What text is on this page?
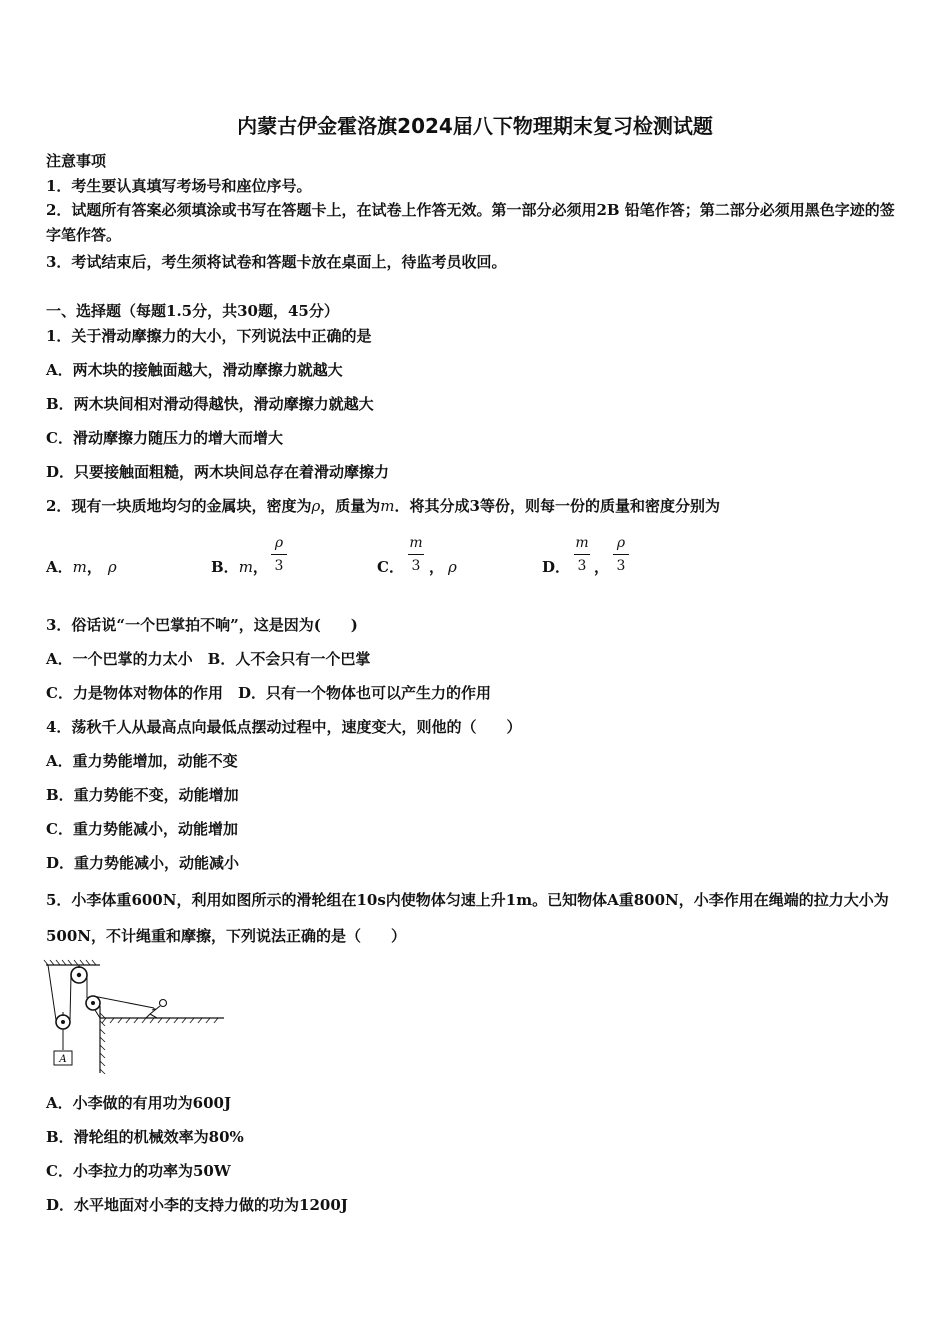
内蒙古伊金霍洛旗2024届八下物理期末复习检测试题
注意事项
1．考生要认真填写考场号和座位序号。
2．试题所有答案必须填涂或书写在答题卡上，在试卷上作答无效。第一部分必须用2B 铅笔作答；第二部分必须用黑色字迹的签字笔作答。
3．考试结束后，考生须将试卷和答题卡放在桌面上，待监考员收回。
一、选择题（每题1.5分，共30题，45分）
1．关于滑动摩擦力的大小，下列说法中正确的是
A．两木块的接触面越大，滑动摩擦力就越大
B．两木块间相对滑动得越快，滑动摩擦力就越大
C．滑动摩擦力随压力的增大而增大
D．只要接触面粗糙，两木块间总存在着滑动摩擦力
2．现有一块质地均匀的金属块，密度为ρ，质量为m．将其分成3等份，则每一份的质量和密度分别为
A．m， ρ	B．m，
ρ
3	C．
m
3 ， ρ	D．
m
3 ，
ρ
3
3．俗话说“一个巴掌拍不响”，这是因为(　　)
A．一个巴掌的力太小　B．人不会只有一个巴掌
C．力是物体对物体的作用　D．只有一个物体也可以产生力的作用
4．荡秋千人从最高点向最低点摆动过程中，速度变大，则他的（　　）
A．重力势能增加，动能不变
B．重力势能不变，动能增加
C．重力势能减小，动能增加
D．重力势能减小，动能减小
5．小李体重600N，利用如图所示的滑轮组在10s内使物体匀速上升1m。已知物体A重800N，小李作用在绳端的拉力大小为500N，不计绳重和摩擦，下列说法正确的是（　　）
A
A．小李做的有用功为600J
B．滑轮组的机械效率为80%
C．小李拉力的功率为50W
D．水平地面对小李的支持力做的功为1200J
